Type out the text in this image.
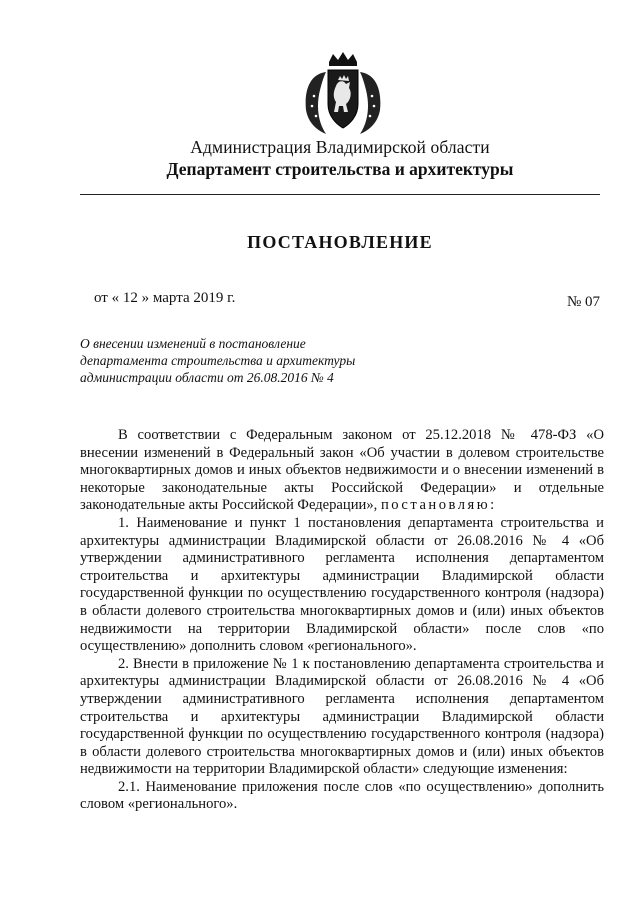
Администрация Владимирской области
Департамент строительства и архитектуры
ПОСТАНОВЛЕНИЕ
от « 12 » марта 2019 г.	№ 07
О внесении изменений в постановление
департамента строительства и архитектуры
администрации области от 26.08.2016 № 4

В соответствии с Федеральным законом от 25.12.2018 № 478-ФЗ «О внесении изменений в Федеральный закон «Об участии в долевом строительстве многоквартирных домов и иных объектов недвижимости и о внесении изменений в некоторые законодательные акты Российской Федерации» и отдельные законодательные акты Российской Федерации», постановляю:

1. Наименование и пункт 1 постановления департамента строительства и архитектуры администрации Владимирской области от 26.08.2016 № 4 «Об утверждении административного регламента исполнения департаментом строительства и архитектуры администрации Владимирской области государственной функции по осуществлению государственного контроля (надзора) в области долевого строительства многоквартирных домов и (или) иных объектов недвижимости на территории Владимирской области» после слов «по осуществлению» дополнить словом «регионального».

2. Внести в приложение № 1 к постановлению департамента строительства и архитектуры администрации Владимирской области от 26.08.2016 № 4 «Об утверждении административного регламента исполнения департаментом строительства и архитектуры администрации Владимирской области государственной функции по осуществлению государственного контроля (надзора) в области долевого строительства многоквартирных домов и (или) иных объектов недвижимости на территории Владимирской области» следующие изменения:

2.1. Наименование приложения после слов «по осуществлению» дополнить словом «регионального».
